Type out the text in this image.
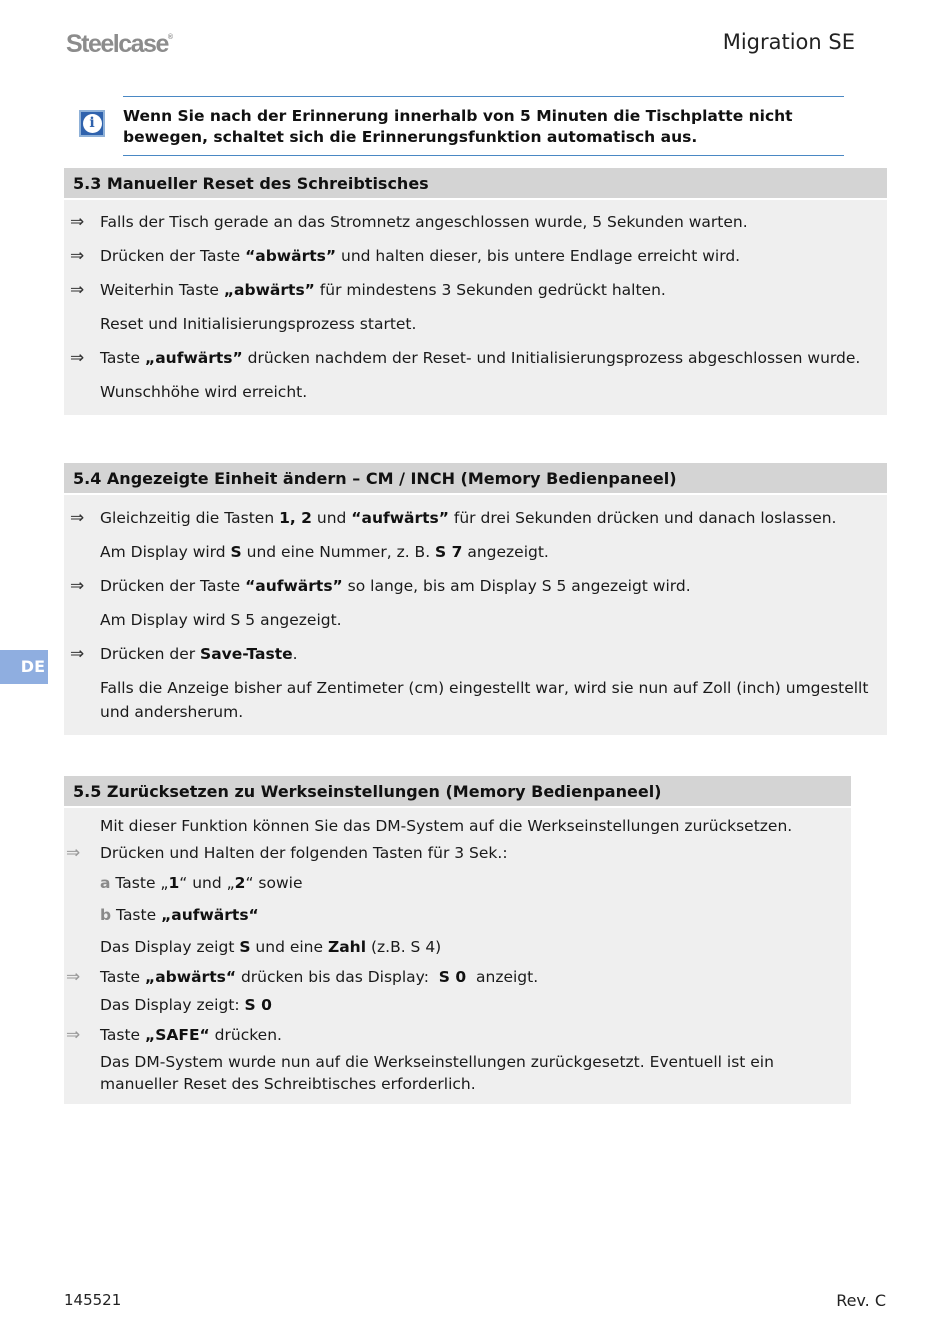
Steelcase®	Migration SE
i	Wenn Sie nach der Erinnerung innerhalb von 5 Minuten die Tischplatte nicht bewegen, schaltet sich die Erinnerungsfunktion automatisch aus.
5.3 Manueller Reset des Schreibtisches
⇒ Falls der Tisch gerade an das Stromnetz angeschlossen wurde, 5 Sekunden warten.
⇒ Drücken der Taste “abwärts” und halten dieser, bis untere Endlage erreicht wird.
⇒ Weiterhin Taste „abwärts” für mindestens 3 Sekunden gedrückt halten.
Reset und Initialisierungsprozess startet.
⇒ Taste „aufwärts” drücken nachdem der Reset- und Initialisierungsprozess abgeschlossen wurde.
Wunschhöhe wird erreicht.
5.4 Angezeigte Einheit ändern – CM / INCH (Memory Bedienpaneel)
⇒ Gleichzeitig die Tasten 1, 2 und “aufwärts” für drei Sekunden drücken und danach loslassen.
Am Display wird S und eine Nummer, z. B. S 7 angezeigt.
⇒ Drücken der Taste “aufwärts” so lange, bis am Display S 5 angezeigt wird.
Am Display wird S 5 angezeigt.
⇒ Drücken der Save-Taste.
Falls die Anzeige bisher auf Zentimeter (cm) eingestellt war, wird sie nun auf Zoll (inch) umgestellt und andersherum.
DE
5.5 Zurücksetzen zu Werkseinstellungen (Memory Bedienpaneel)
Mit dieser Funktion können Sie das DM-System auf die Werkseinstellungen zurücksetzen.
⇒ Drücken und Halten der folgenden Tasten für 3 Sek.:
a Taste „1“ und „2“ sowie
b Taste „aufwärts“
Das Display zeigt S und eine Zahl (z.B. S 4)
⇒ Taste „abwärts“ drücken bis das Display:  S 0  anzeigt.
Das Display zeigt: S 0
⇒ Taste „SAFE“ drücken.
Das DM-System wurde nun auf die Werkseinstellungen zurückgesetzt. Eventuell ist ein manueller Reset des Schreibtisches erforderlich.
145521	Rev. C
